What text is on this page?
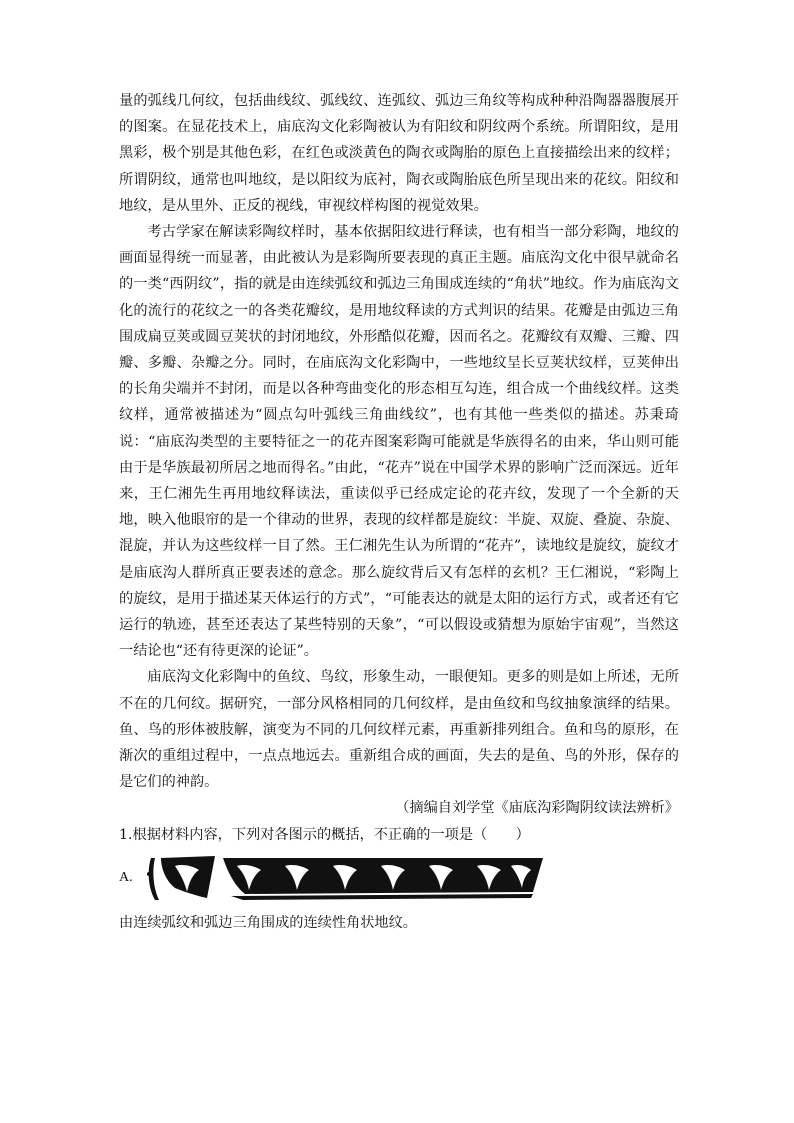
量的弧线几何纹，包括曲线纹、弧线纹、连弧纹、弧边三角纹等构成种种沿陶器器腹展开的图案。在显花技术上，庙底沟文化彩陶被认为有阳纹和阴纹两个系统。所谓阳纹，是用黑彩，极个别是其他色彩，在红色或淡黄色的陶衣或陶胎的原色上直接描绘出来的纹样；所谓阴纹，通常也叫地纹，是以阳纹为底衬，陶衣或陶胎底色所呈现出来的花纹。阳纹和地纹，是从里外、正反的视线，审视纹样构图的视觉效果。

考古学家在解读彩陶纹样时，基本依据阳纹进行释读，也有相当一部分彩陶，地纹的画面显得统一而显著，由此被认为是彩陶所要表现的真正主题。庙底沟文化中很早就命名的一类“西阴纹”，指的就是由连续弧纹和弧边三角围成连续的“角状”地纹。作为庙底沟文化的流行的花纹之一的各类花瓣纹，是用地纹释读的方式判识的结果。花瓣是由弧边三角围成扁豆荚或圆豆荚状的封闭地纹，外形酷似花瓣，因而名之。花瓣纹有双瓣、三瓣、四瓣、多瓣、杂瓣之分。同时，在庙底沟文化彩陶中，一些地纹呈长豆荚状纹样，豆荚伸出的长角尖端并不封闭，而是以各种弯曲变化的形态相互勾连，组合成一个曲线纹样。这类纹样，通常被描述为“圆点勾叶弧线三角曲线纹”，也有其他一些类似的描述。苏秉琦说：“庙底沟类型的主要特征之一的花卉图案彩陶可能就是华族得名的由来，华山则可能由于是华族最初所居之地而得名。”由此，“花卉”说在中国学术界的影响广泛而深远。近年来，王仁湘先生再用地纹释读法，重读似乎已经成定论的花卉纹，发现了一个全新的天地，映入他眼帘的是一个律动的世界，表现的纹样都是旋纹：半旋、双旋、叠旋、杂旋、混旋，并认为这些纹样一目了然。王仁湘先生认为所谓的“花卉”，读地纹是旋纹，旋纹才是庙底沟人群所真正要表述的意念。那么旋纹背后又有怎样的玄机？王仁湘说，“彩陶上的旋纹，是用于描述某天体运行的方式”，“可能表达的就是太阳的运行方式，或者还有它运行的轨迹，甚至还表达了某些特别的天象”，“可以假设或猜想为原始宇宙观”，当然这一结论也“还有待更深的论证”。

庙底沟文化彩陶中的鱼纹、鸟纹，形象生动，一眼便知。更多的则是如上所述，无所不在的几何纹。据研究，一部分风格相同的几何纹样，是由鱼纹和鸟纹抽象演绎的结果。鱼、鸟的形体被肢解，演变为不同的几何纹样元素，再重新排列组合。鱼和鸟的原形，在渐次的重组过程中，一点点地远去。重新组合成的画面，失去的是鱼、鸟的外形，保存的是它们的神韵。

（摘编自刘学堂《庙底沟彩陶阴纹读法辨析》

1.根据材料内容，下列对各图示的概括，不正确的一项是（　　）

A.

由连续弧纹和弧边三角围成的连续性角状地纹。
